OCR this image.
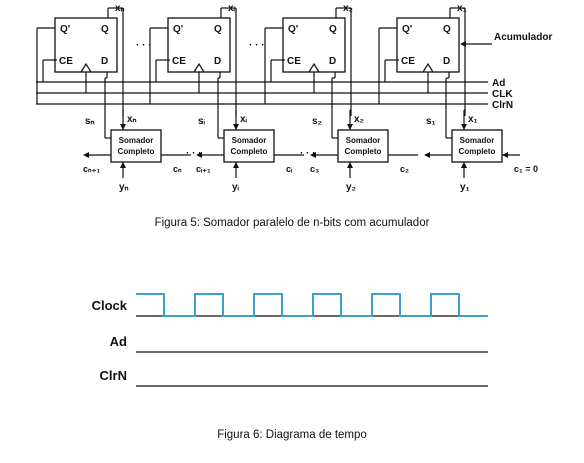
Ad
CLK
ClrN
Acumulador
Q'	Q
CE	D
xₙ
xₙ
sₙ
Somador
Completo
yₙ
cₙ
cₙ₊₁
Q'	Q
CE	D
xᵢ
xᵢ
sᵢ
Somador
Completo
yᵢ
cᵢ
cᵢ₊₁
Q'	Q
CE	D
x₂
x₂
s₂
Somador
Completo
y₂
c₂
c₃
Q'	Q
CE	D
x₁
x₁
s₁
Somador
Completo
y₁
c₁ = 0
· · ·	· · ·
· · ·	· · ·
Figura 5: Somador paralelo de n-bits com acumulador
Clock
Ad
ClrN
Figura 6: Diagrama de tempo
